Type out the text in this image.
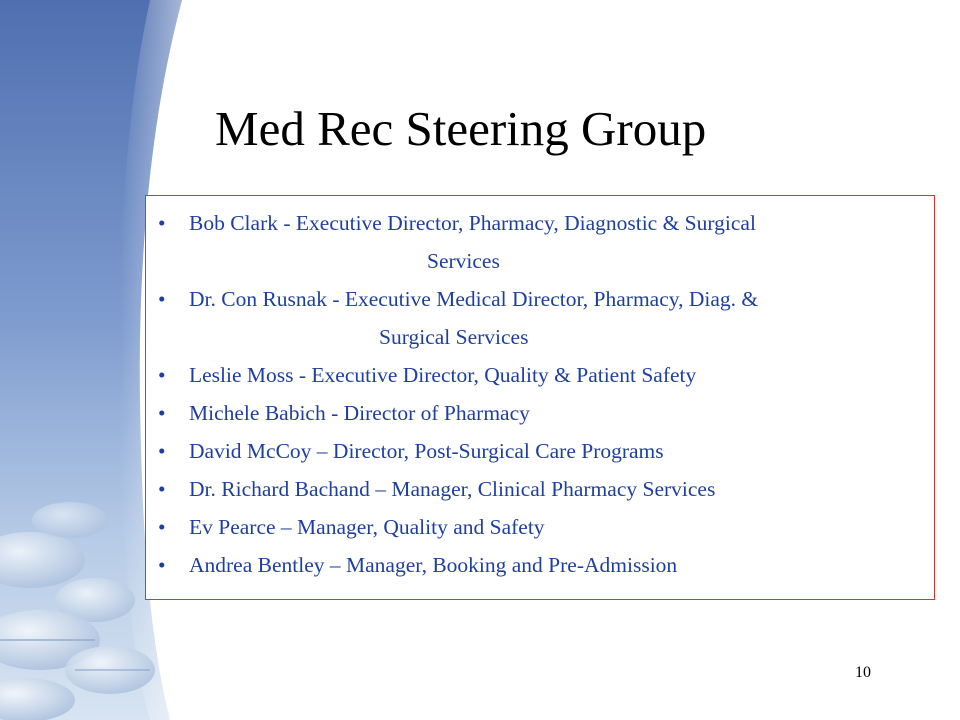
Med Rec Steering Group
• Bob Clark - Executive Director, Pharmacy, Diagnostic & Surgical
Services
• Dr. Con Rusnak - Executive Medical Director, Pharmacy, Diag. &
Surgical Services
• Leslie Moss - Executive Director, Quality & Patient Safety
• Michele Babich - Director of Pharmacy
• David McCoy – Director, Post-Surgical Care Programs
• Dr. Richard Bachand – Manager, Clinical Pharmacy Services
• Ev Pearce – Manager, Quality and Safety
• Andrea Bentley – Manager, Booking and Pre-Admission
10
